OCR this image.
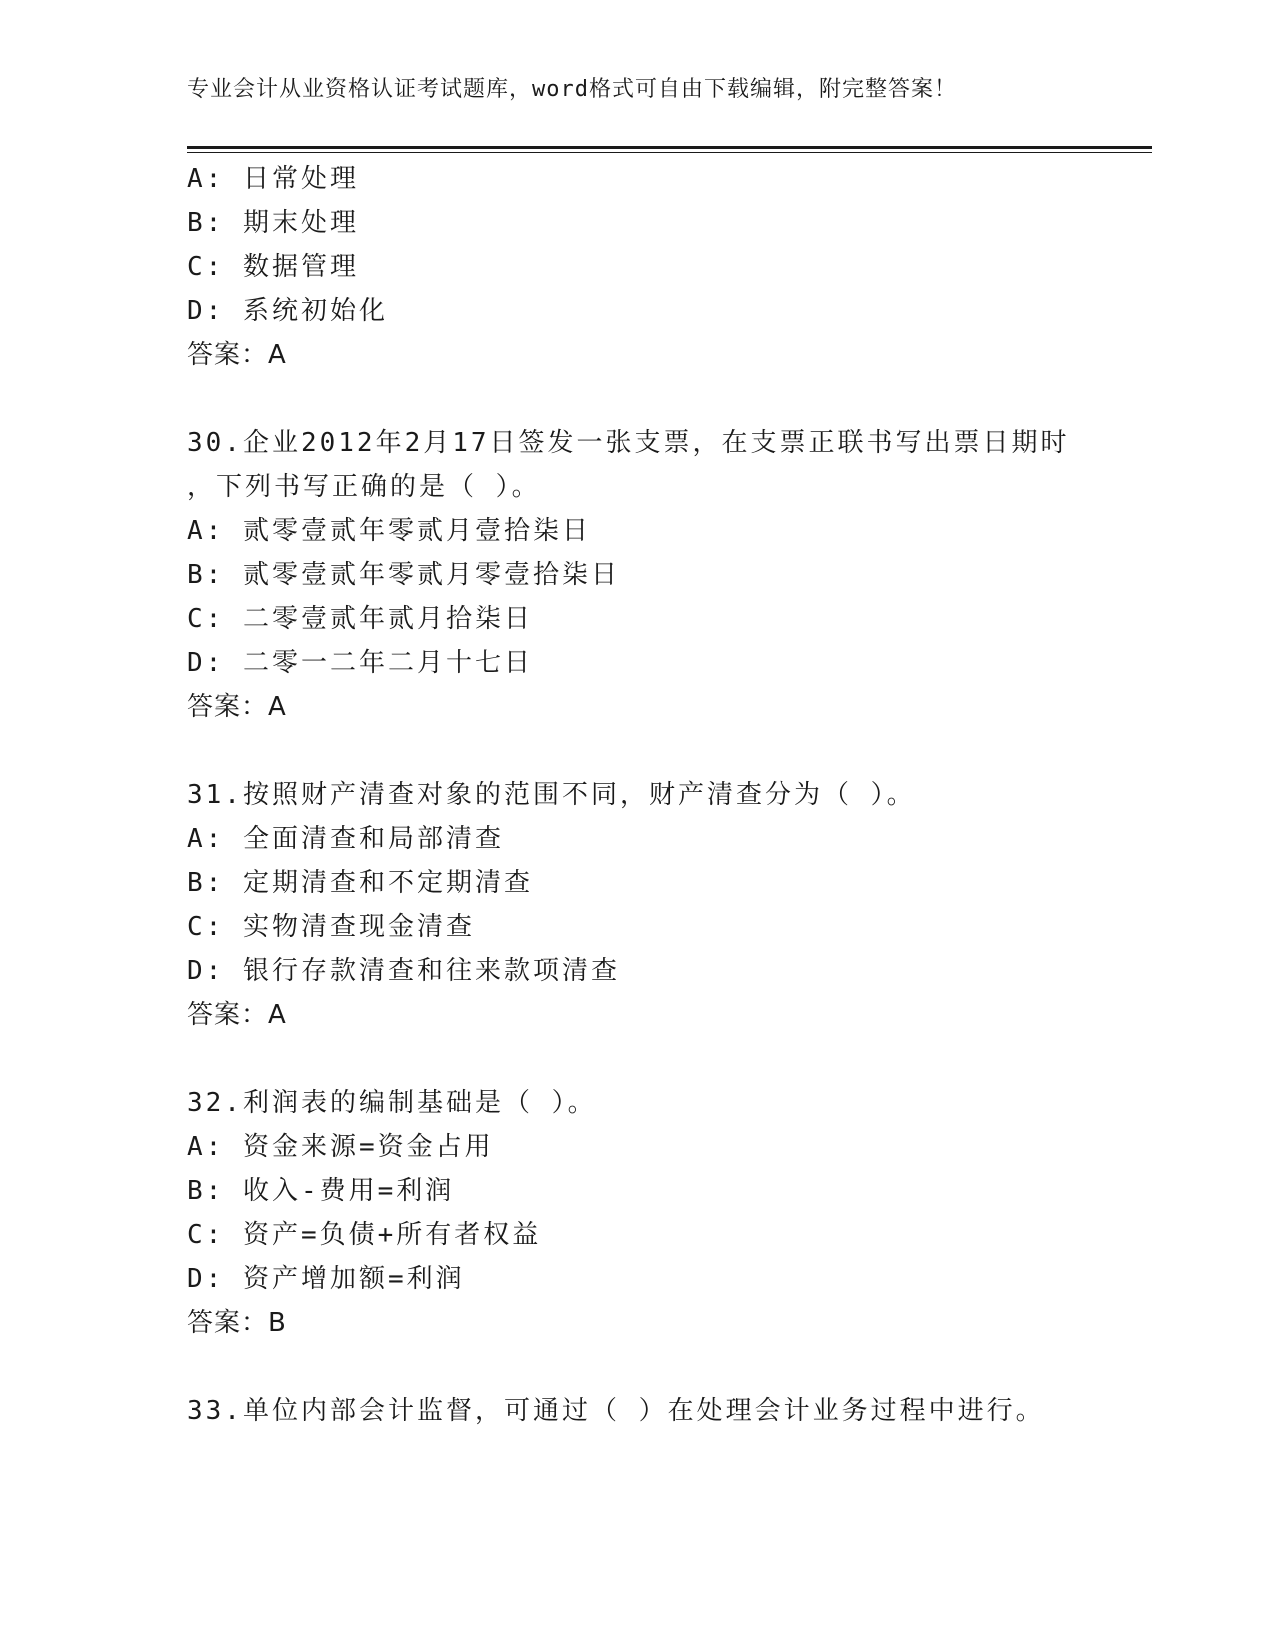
专业会计从业资格认证考试题库，word格式可自由下载编辑，附完整答案！
A: 日常处理
B: 期末处理
C: 数据管理
D: 系统初始化
答案：A
30.企业2012年2月17日签发一张支票，在支票正联书写出票日期时
，下列书写正确的是（ ）。
A: 贰零壹贰年零贰月壹拾柒日
B: 贰零壹贰年零贰月零壹拾柒日
C: 二零壹贰年贰月拾柒日
D: 二零一二年二月十七日
答案：A
31.按照财产清查对象的范围不同，财产清查分为（ ）。
A: 全面清查和局部清查
B: 定期清查和不定期清查
C: 实物清查现金清查
D: 银行存款清查和往来款项清查
答案：A
32.利润表的编制基础是（ ）。
A: 资金来源=资金占用
B: 收入-费用=利润
C: 资产=负债+所有者权益
D: 资产增加额=利润
答案：B
33.单位内部会计监督，可通过（ ）在处理会计业务过程中进行。
